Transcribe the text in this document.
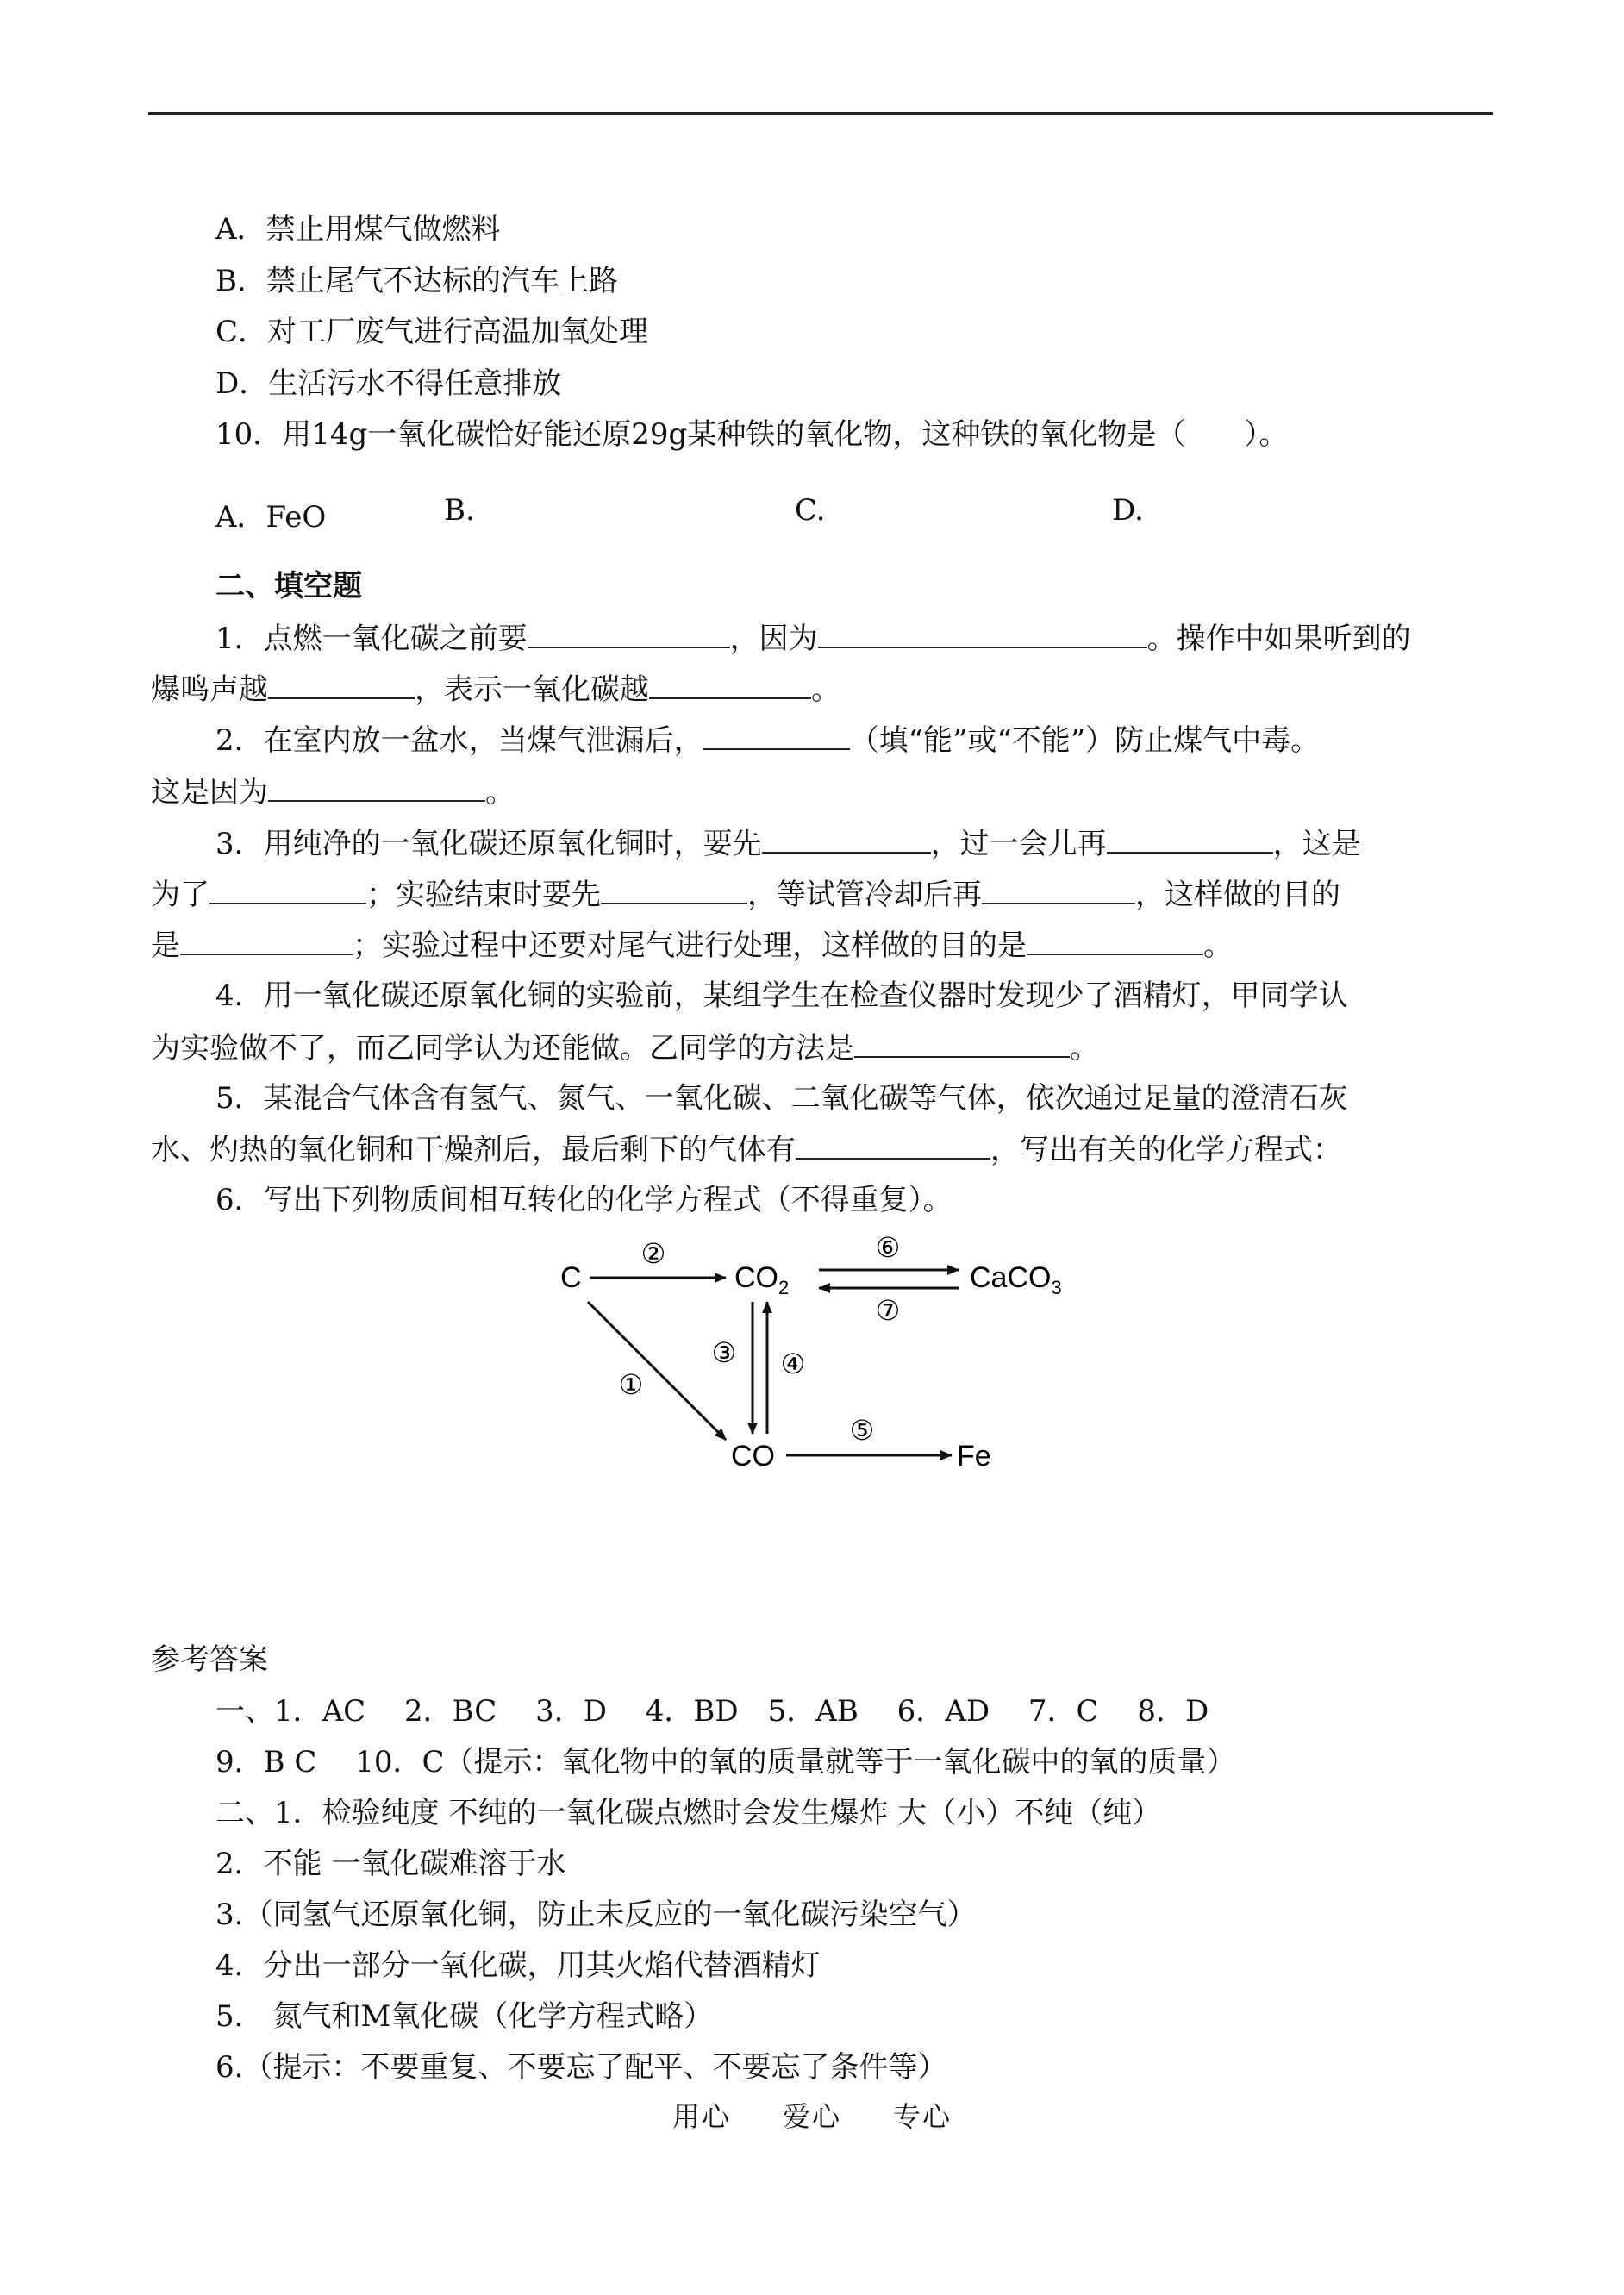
A．禁止用煤气做燃料
B．禁止尾气不达标的汽车上路
C．对工厂废气进行高温加氧处理
D．生活污水不得任意排放
10．用14g一氧化碳恰好能还原29g某种铁的氧化物，这种铁的氧化物是（　　）。
A．FeO	B.	C.	D.
二、填空题
1．点燃一氧化碳之前要	，因为	。操作中如果听到的
爆鸣声越	，表示一氧化碳越	。
2．在室内放一盆水，当煤气泄漏后，	（填“能”或“不能”）防止煤气中毒。
这是因为	。
3．用纯净的一氧化碳还原氧化铜时，要先	，过一会儿再	，这是
为了	；实验结束时要先	，等试管冷却后再	，这样做的目的
是	；实验过程中还要对尾气进行处理，这样做的目的是	。
4．用一氧化碳还原氧化铜的实验前，某组学生在检查仪器时发现少了酒精灯，甲同学认
为实验做不了，而乙同学认为还能做。乙同学的方法是	。
5．某混合气体含有氢气、氮气、一氧化碳、二氧化碳等气体，依次通过足量的澄清石灰
水、灼热的氧化铜和干燥剂后，最后剩下的气体有	，写出有关的化学方程式：
6．写出下列物质间相互转化的化学方程式（不得重复）。
C	$CO_2$	CaCO$_3$
CO	Fe
②	⑥
⑦
③ ④
①
⑤
参考答案
一、1．AC　 2．BC　 3．D　 4．BD　5．AB　 6．AD　 7．C　 8．D
9．B C　 10．C（提示：氧化物中的氧的质量就等于一氧化碳中的氧的质量）
二、1．检验纯度 不纯的一氧化碳点燃时会发生爆炸 大（小）不纯（纯）
2．不能 一氧化碳难溶于水
3.（同氢气还原氧化铜，防止未反应的一氧化碳污染空气）
4．分出一部分一氧化碳，用其火焰代替酒精灯
5． 氮气和M氧化碳（化学方程式略）
6.（提示：不要重复、不要忘了配平、不要忘了条件等）
用心 爱心 专心
